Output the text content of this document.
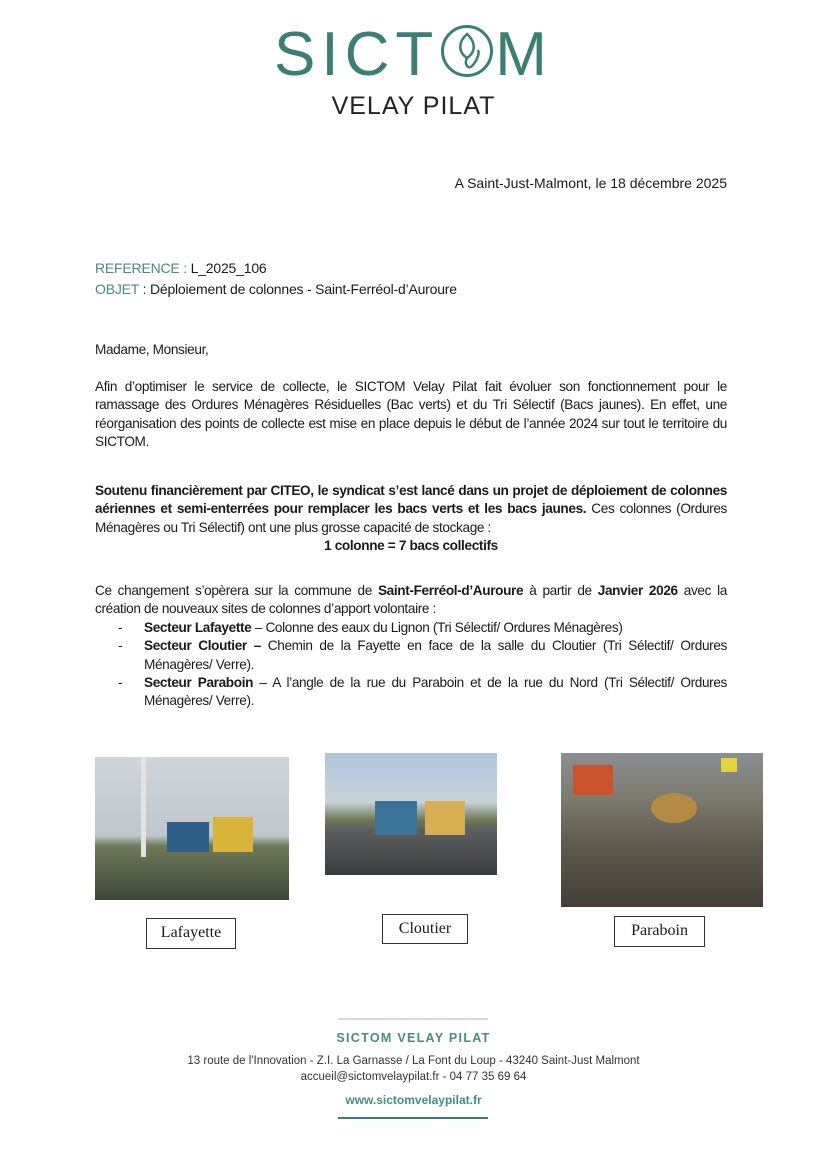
SICT M
VELAY PILAT
A Saint-Just-Malmont, le 18 décembre 2025
REFERENCE : L_2025_106
OBJET : Déploiement de colonnes - Saint-Ferréol-d’Auroure
Madame, Monsieur,

Afin d’optimiser le service de collecte, le SICTOM Velay Pilat fait évoluer son fonctionnement pour le ramassage des Ordures Ménagères Résiduelles (Bac verts) et du Tri Sélectif (Bacs jaunes). En effet, une réorganisation des points de collecte est mise en place depuis le début de l’année 2024 sur tout le territoire du SICTOM.

Soutenu financièrement par CITEO, le syndicat s’est lancé dans un projet de déploiement de colonnes aériennes et semi-enterrées pour remplacer les bacs verts et les bacs jaunes. Ces colonnes (Ordures Ménagères ou Tri Sélectif) ont une plus grosse capacité de stockage :

1 colonne = 7 bacs collectifs

Ce changement s’opèrera sur la commune de Saint-Ferréol-d’Auroure à partir de Janvier 2026 avec la création de nouveaux sites de colonnes d’apport volontaire :

- Secteur Lafayette – Colonne des eaux du Lignon (Tri Sélectif/ Ordures Ménagères)
- Secteur Cloutier – Chemin de la Fayette en face de la salle du Cloutier (Tri Sélectif/ Ordures Ménagères/ Verre).
- Secteur Paraboin – A l’angle de la rue du Paraboin et de la rue du Nord (Tri Sélectif/ Ordures Ménagères/ Verre).
Lafayette	Cloutier	Paraboin
SICTOM VELAY PILAT
13 route de l'Innovation - Z.I. La Garnasse / La Font du Loup - 43240 Saint-Just Malmont
accueil@sictomvelaypilat.fr - 04 77 35 69 64
www.sictomvelaypilat.fr
